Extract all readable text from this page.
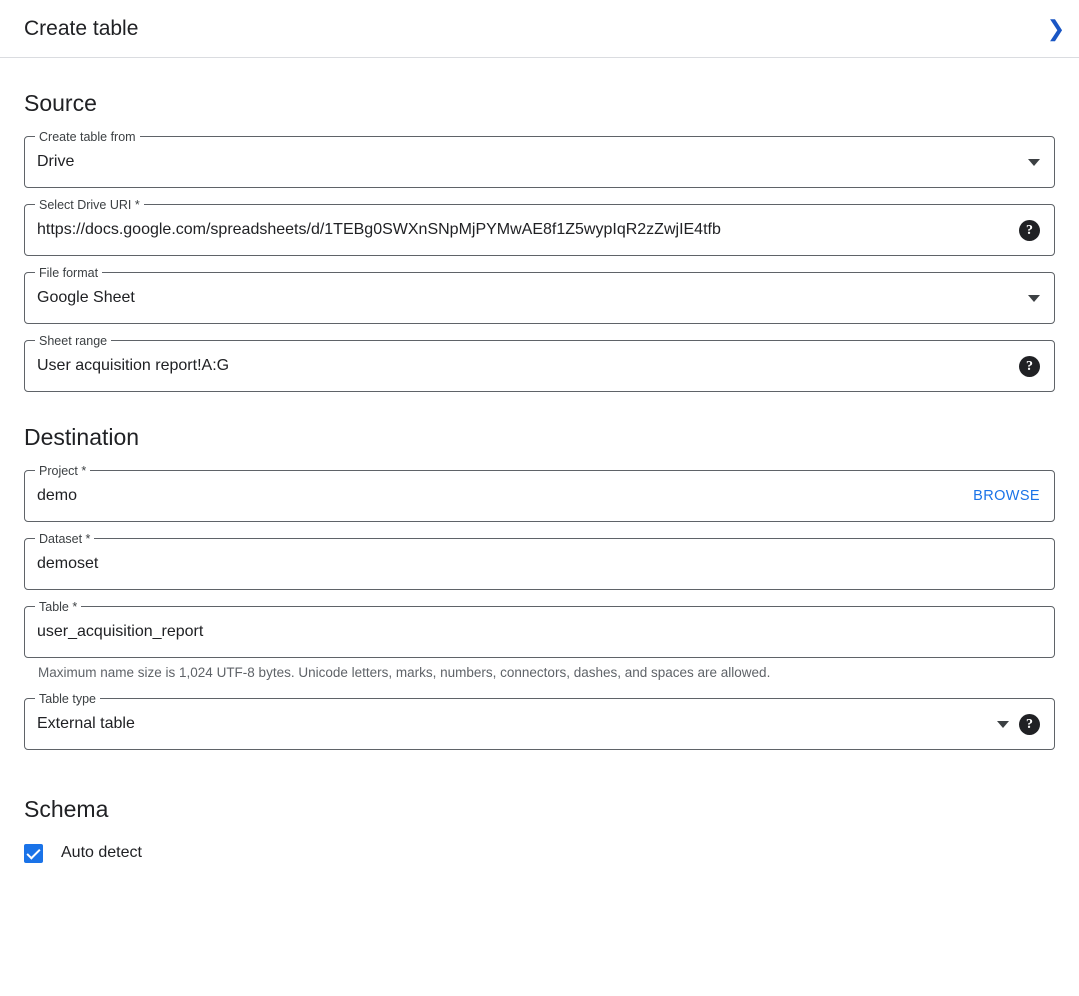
Create table	❯
Source
Create table from
Drive
Select Drive URI *
https://docs.google.com/spreadsheets/d/1TEBg0SWXnSNpMjPYMwAE8f1Z5wypIqR2zZwjIE4tfb	?
File format
Google Sheet
Sheet range
User acquisition report!A:G	?
Destination
Project *
demo	BROWSE
Dataset *
demoset
Table *
user_acquisition_report
Maximum name size is 1,024 UTF-8 bytes. Unicode letters, marks, numbers, connectors, dashes, and spaces are allowed.
Table type
External table	?
Schema
Auto detect
